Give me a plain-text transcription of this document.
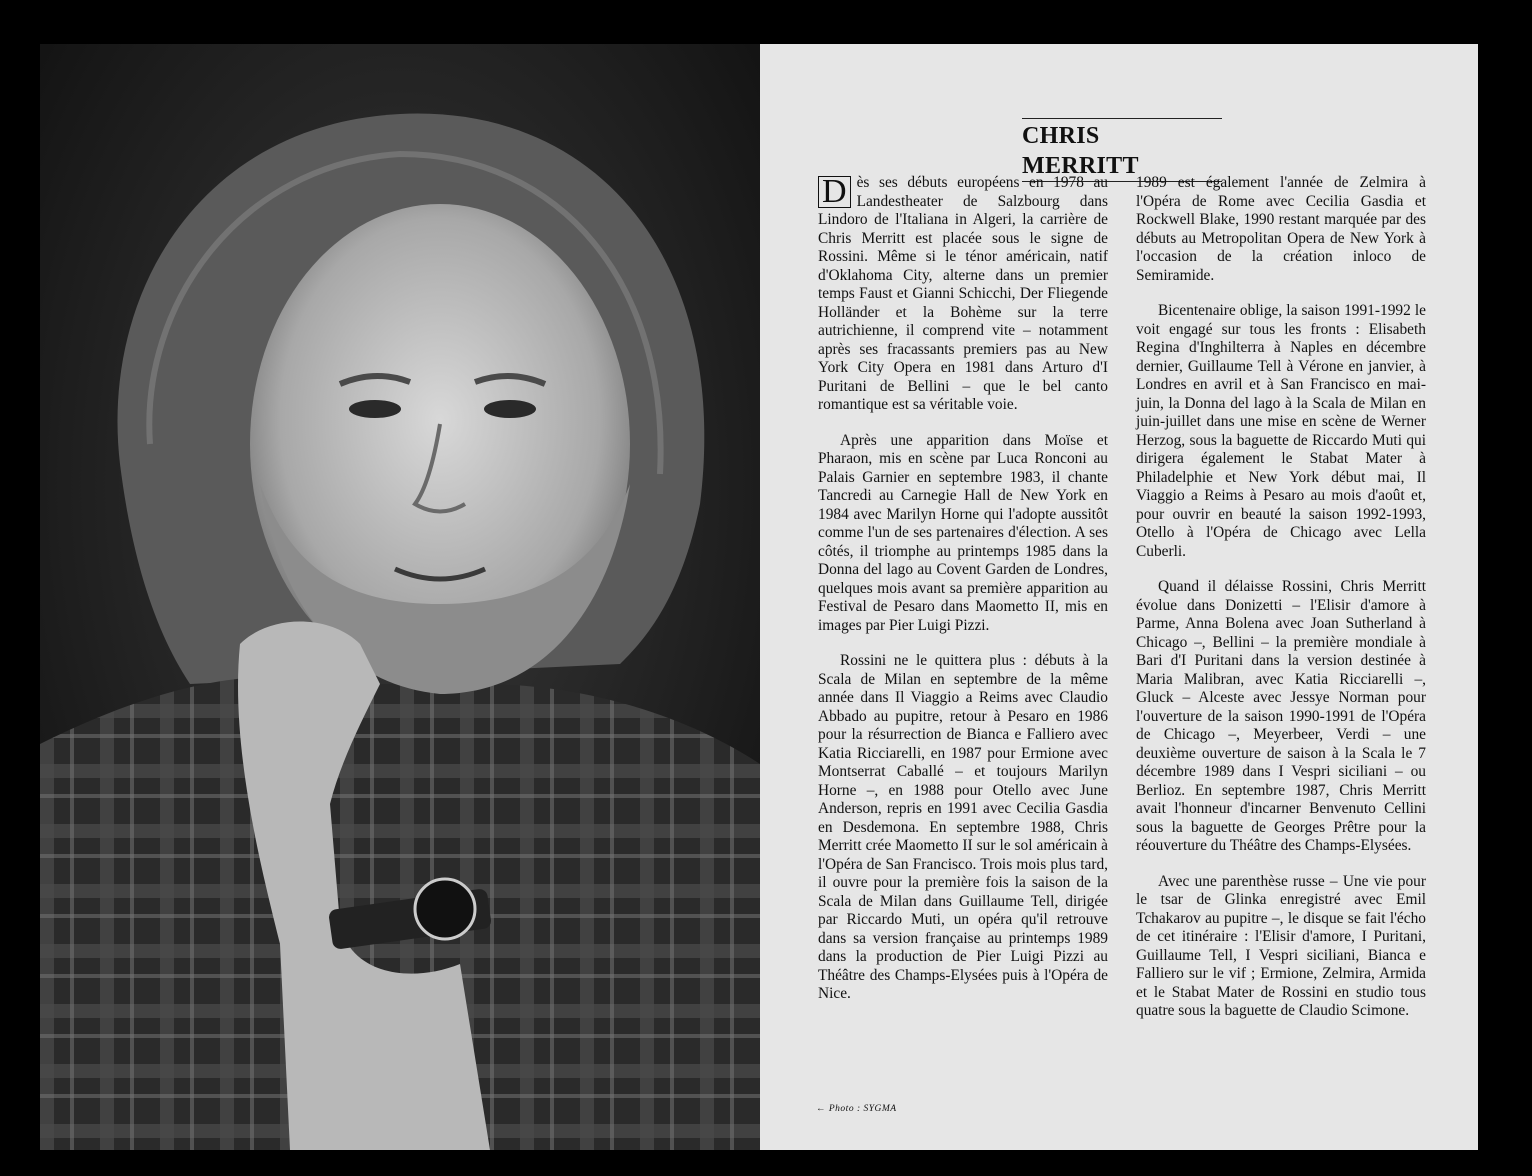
CHRIS MERRITT

D ès ses débuts européens en 1978 au Landestheater de Salzbourg dans Lindoro de l'Italiana in Algeri, la carrière de Chris Merritt est placée sous le signe de Rossini. Même si le ténor américain, natif d'Oklahoma City, alterne dans un premier temps Faust et Gianni Schicchi, Der Fliegende Holländer et la Bohème sur la terre autrichienne, il comprend vite – notamment après ses fracassants premiers pas au New York City Opera en 1981 dans Arturo d'I Puritani de Bellini – que le bel canto romantique est sa véritable voie.

Après une apparition dans Moïse et Pharaon, mis en scène par Luca Ronconi au Palais Garnier en septembre 1983, il chante Tancredi au Carnegie Hall de New York en 1984 avec Marilyn Horne qui l'adopte aussitôt comme l'un de ses partenaires d'élection. A ses côtés, il triomphe au printemps 1985 dans la Donna del lago au Covent Garden de Londres, quelques mois avant sa première apparition au Festival de Pesaro dans Maometto II, mis en images par Pier Luigi Pizzi.

Rossini ne le quittera plus : débuts à la Scala de Milan en septembre de la même année dans Il Viaggio a Reims avec Claudio Abbado au pupitre, retour à Pesaro en 1986 pour la résurrection de Bianca e Falliero avec Katia Ricciarelli, en 1987 pour Ermione avec Montserrat Caballé – et toujours Marilyn Horne –, en 1988 pour Otello avec June Anderson, repris en 1991 avec Cecilia Gasdia en Desdemona. En septembre 1988, Chris Merritt crée Maometto II sur le sol américain à l'Opéra de San Francisco. Trois mois plus tard, il ouvre pour la première fois la saison de la Scala de Milan dans Guillaume Tell, dirigée par Riccardo Muti, un opéra qu'il retrouve dans sa version française au printemps 1989 dans la production de Pier Luigi Pizzi au Théâtre des Champs-Elysées puis à l'Opéra de Nice.

1989 est également l'année de Zelmira à l'Opéra de Rome avec Cecilia Gasdia et Rockwell Blake, 1990 restant marquée par des débuts au Metropolitan Opera de New York à l'occasion de la création inloco de Semiramide.

Bicentenaire oblige, la saison 1991-1992 le voit engagé sur tous les fronts : Elisabeth Regina d'Inghilterra à Naples en décembre dernier, Guillaume Tell à Vérone en janvier, à Londres en avril et à San Francisco en mai-juin, la Donna del lago à la Scala de Milan en juin-juillet dans une mise en scène de Werner Herzog, sous la baguette de Riccardo Muti qui dirigera également le Stabat Mater à Philadelphie et New York début mai, Il Viaggio a Reims à Pesaro au mois d'août et, pour ouvrir en beauté la saison 1992-1993, Otello à l'Opéra de Chicago avec Lella Cuberli.

Quand il délaisse Rossini, Chris Merritt évolue dans Donizetti – l'Elisir d'amore à Parme, Anna Bolena avec Joan Sutherland à Chicago –, Bellini – la première mondiale à Bari d'I Puritani dans la version destinée à Maria Malibran, avec Katia Ricciarelli –, Gluck – Alceste avec Jessye Norman pour l'ouverture de la saison 1990-1991 de l'Opéra de Chicago –, Meyerbeer, Verdi – une deuxième ouverture de saison à la Scala le 7 décembre 1989 dans I Vespri siciliani – ou Berlioz. En septembre 1987, Chris Merritt avait l'honneur d'incarner Benvenuto Cellini sous la baguette de Georges Prêtre pour la réouverture du Théâtre des Champs-Elysées.

Avec une parenthèse russe – Une vie pour le tsar de Glinka enregistré avec Emil Tchakarov au pupitre –, le disque se fait l'écho de cet itinéraire : l'Elisir d'amore, I Puritani, Guillaume Tell, I Vespri siciliani, Bianca e Falliero sur le vif ; Ermione, Zelmira, Armida et le Stabat Mater de Rossini en studio tous quatre sous la baguette de Claudio Scimone.

← Photo : SYGMA
